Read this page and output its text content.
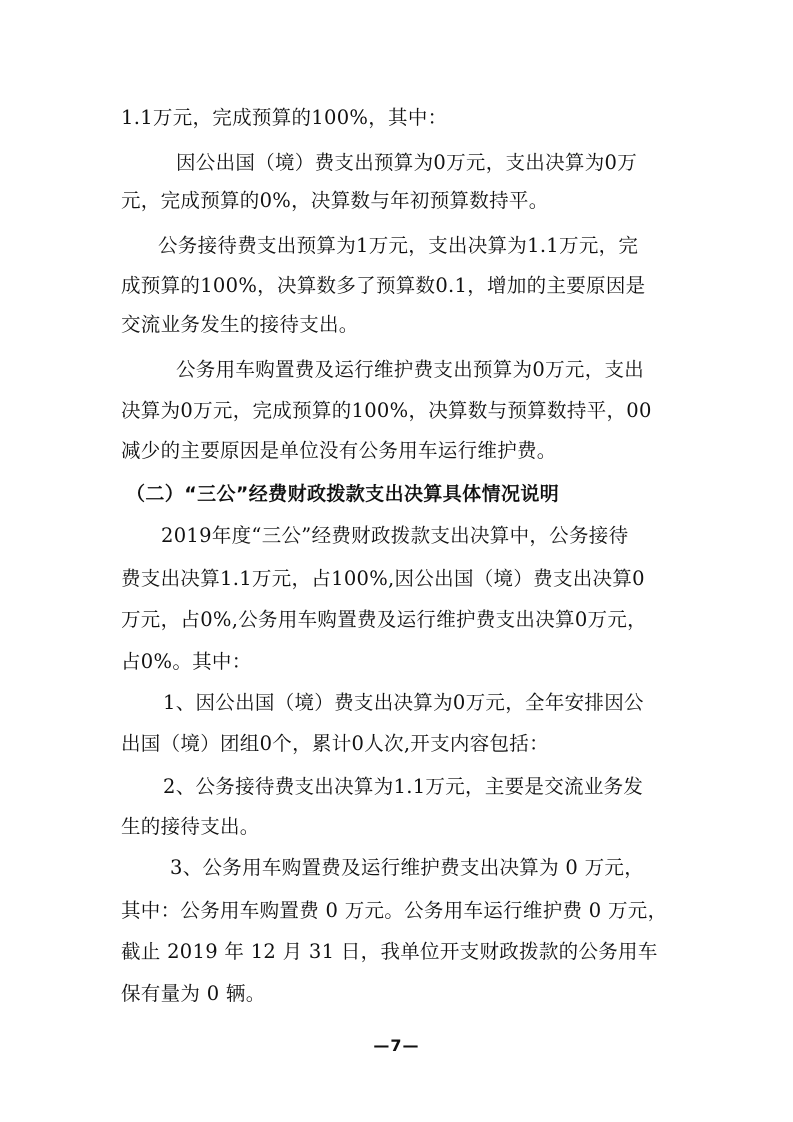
1.1万元，完成预算的100%，其中：
因公出国（境）费支出预算为0万元，支出决算为0万
元，完成预算的0%，决算数与年初预算数持平。
公务接待费支出预算为1万元，支出决算为1.1万元，完
成预算的100%，决算数多了预算数0.1，增加的主要原因是
交流业务发生的接待支出。
公务用车购置费及运行维护费支出预算为0万元，支出
决算为0万元，完成预算的100%，决算数与预算数持平，00
减少的主要原因是单位没有公务用车运行维护费。
（二）“三公”经费财政拨款支出决算具体情况说明
2019年度“三公”经费财政拨款支出决算中，公务接待
费支出决算1.1万元，占100%,因公出国（境）费支出决算0
万元，占0%,公务用车购置费及运行维护费支出决算0万元，
占0%。其中：
1、因公出国（境）费支出决算为0万元，全年安排因公
出国（境）团组0个，累计0人次,开支内容包括：
2、公务接待费支出决算为1.1万元，主要是交流业务发
生的接待支出。
3、公务用车购置费及运行维护费支出决算为 0 万元，
其中：公务用车购置费 0 万元。公务用车运行维护费 0 万元，
截止 2019 年 12 月 31 日，我单位开支财政拨款的公务用车
保有量为 0 辆。
—7—
